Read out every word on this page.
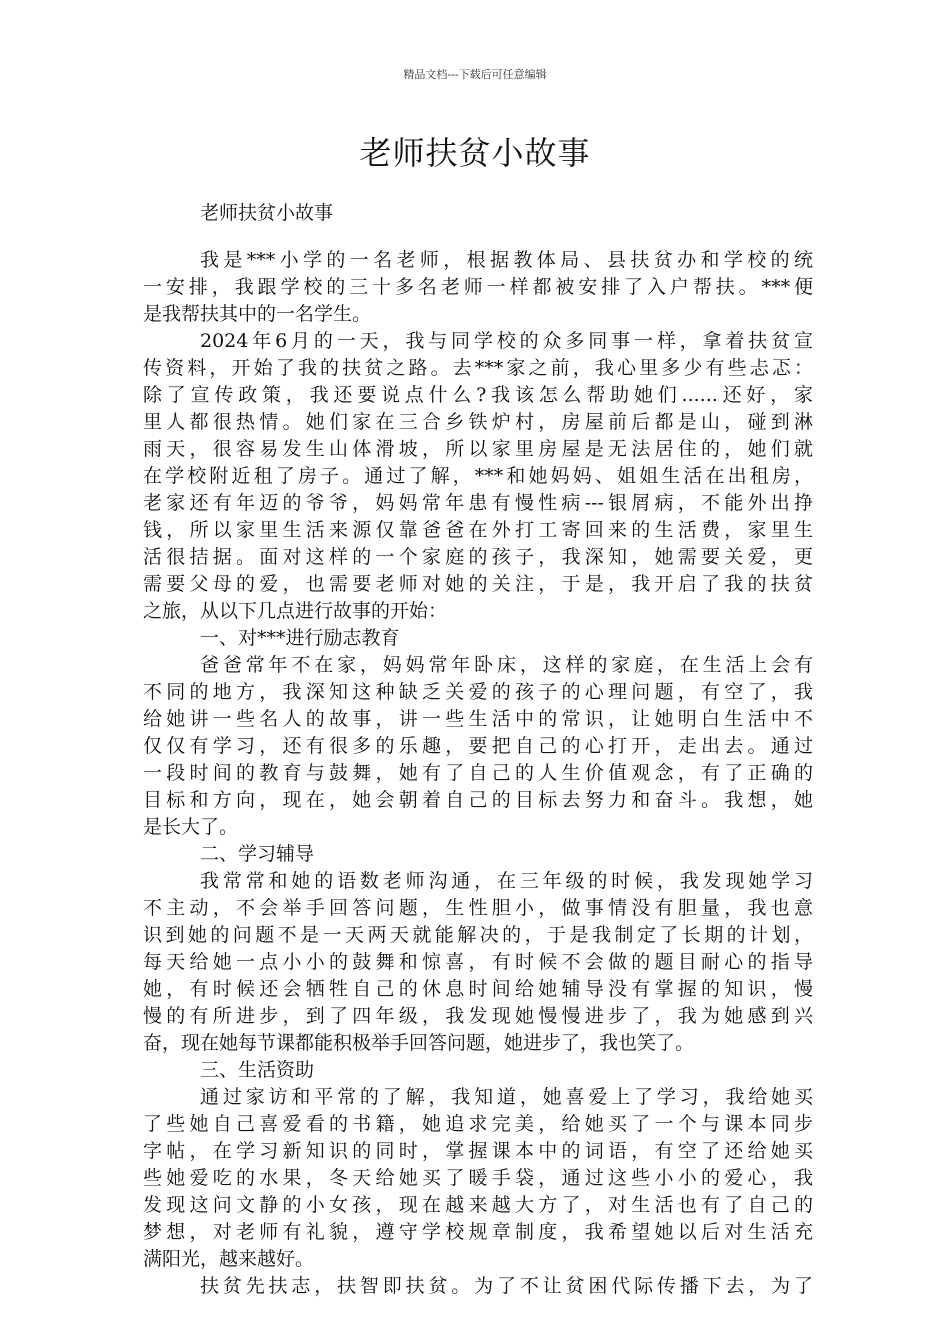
精品文档---下载后可任意编辑
老师扶贫小故事
老师扶贫小故事
我是***小学的一名老师，根据教体局、县扶贫办和学校的统
一安排，我跟学校的三十多名老师一样都被安排了入户帮扶。***便
是我帮扶其中的一名学生。
2024年6月的一天，我与同学校的众多同事一样，拿着扶贫宣
传资料，开始了我的扶贫之路。去***家之前，我心里多少有些忐忑：
除了宣传政策，我还要说点什么?我该怎么帮助她们......还好，家
里人都很热情。她们家在三合乡铁炉村，房屋前后都是山，碰到淋
雨天，很容易发生山体滑坡，所以家里房屋是无法居住的，她们就
在学校附近租了房子。通过了解，***和她妈妈、姐姐生活在出租房，
老家还有年迈的爷爷，妈妈常年患有慢性病---银屑病，不能外出挣
钱，所以家里生活来源仅靠爸爸在外打工寄回来的生活费，家里生
活很拮据。面对这样的一个家庭的孩子，我深知，她需要关爱，更
需要父母的爱，也需要老师对她的关注，于是，我开启了我的扶贫
之旅，从以下几点进行故事的开始：
一、对***进行励志教育
爸爸常年不在家，妈妈常年卧床，这样的家庭，在生活上会有
不同的地方，我深知这种缺乏关爱的孩子的心理问题，有空了，我
给她讲一些名人的故事，讲一些生活中的常识，让她明白生活中不
仅仅有学习，还有很多的乐趣，要把自己的心打开，走出去。通过
一段时间的教育与鼓舞，她有了自己的人生价值观念，有了正确的
目标和方向，现在，她会朝着自己的目标去努力和奋斗。我想，她
是长大了。
二、学习辅导
我常常和她的语数老师沟通，在三年级的时候，我发现她学习
不主动，不会举手回答问题，生性胆小，做事情没有胆量，我也意
识到她的问题不是一天两天就能解决的，于是我制定了长期的计划，
每天给她一点小小的鼓舞和惊喜，有时候不会做的题目耐心的指导
她，有时候还会牺牲自己的休息时间给她辅导没有掌握的知识，慢
慢的有所进步，到了四年级，我发现她慢慢进步了，我为她感到兴
奋，现在她每节课都能积极举手回答问题，她进步了，我也笑了。
三、生活资助
通过家访和平常的了解，我知道，她喜爱上了学习，我给她买
了些她自己喜爱看的书籍，她追求完美，给她买了一个与课本同步
字帖，在学习新知识的同时，掌握课本中的词语，有空了还给她买
些她爱吃的水果，冬天给她买了暖手袋，通过这些小小的爱心，我
发现这问文静的小女孩，现在越来越大方了，对生活也有了自己的
梦想，对老师有礼貌，遵守学校规章制度，我希望她以后对生活充
满阳光，越来越好。
扶贫先扶志，扶智即扶贫。为了不让贫困代际传播下去，为了
